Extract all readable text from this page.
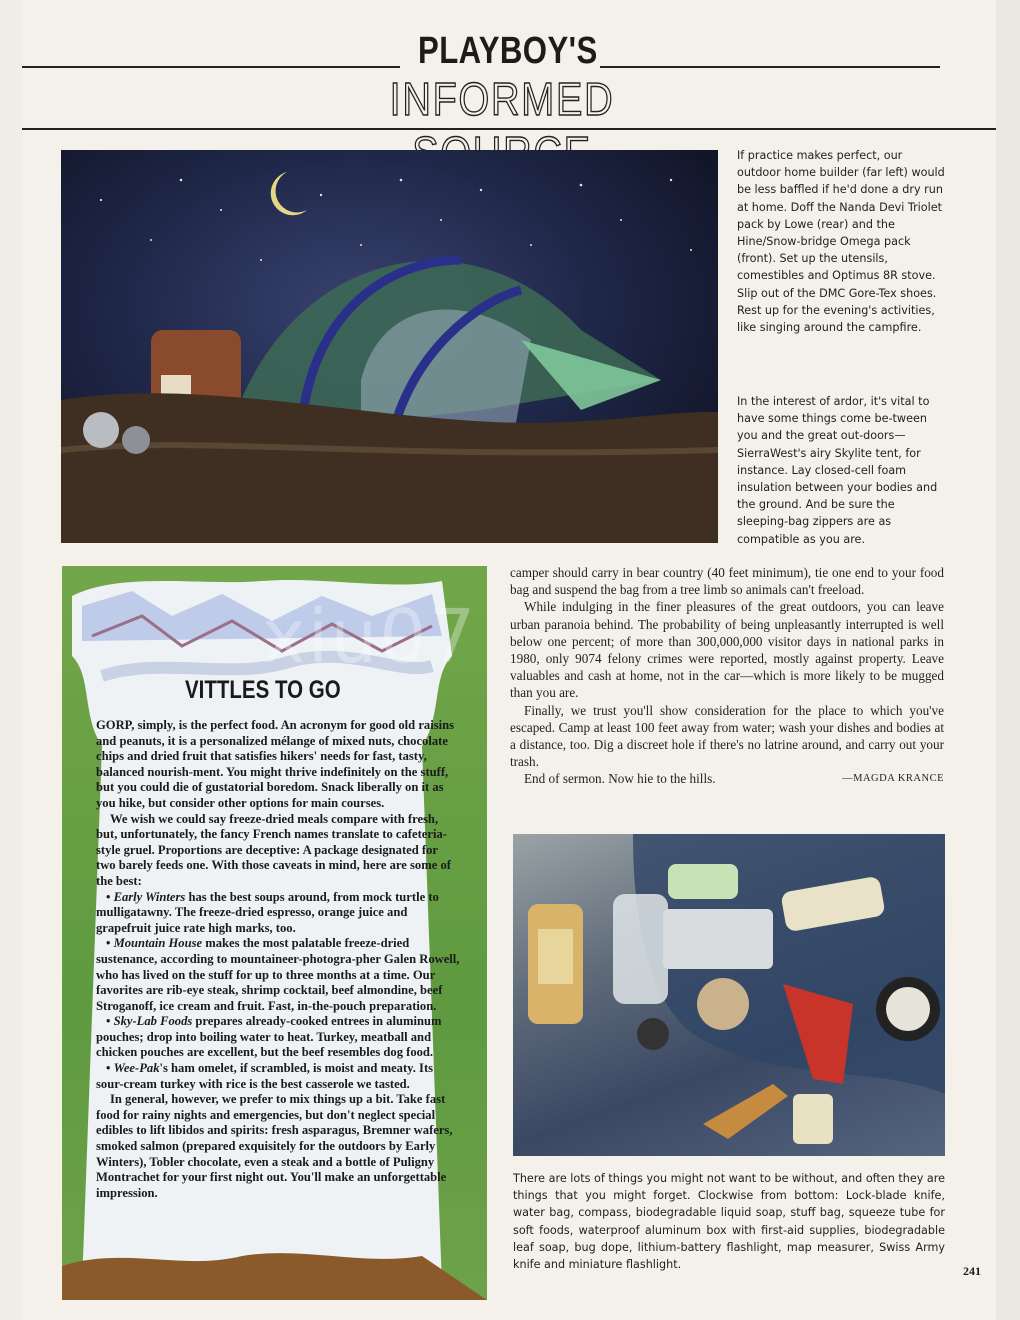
PLAYBOY'S
INFORMED
If practice makes perfect, our outdoor home builder (far left) would be less baffled if he'd done a dry run at home. Doff the Nanda Devi Triolet pack by Lowe (rear) and the Hine/Snow-bridge Omega pack (front). Set up the utensils, comestibles and Optimus 8R stove. Slip out of the DMC Gore-Tex shoes. Rest up for the evening's activities, like singing around the campfire.
In the interest of ardor, it's vital to have some things come be-tween you and the great out-doors—SierraWest's airy Skylite tent, for instance. Lay closed-cell foam insulation between your bodies and the ground. And be sure the sleeping-bag zippers are as compatible as you are.
xiu07
VITTLES TO GO

GORP, simply, is the perfect food. An acronym for good old raisins and peanuts, it is a personalized mélange of mixed nuts, chocolate chips and dried fruit that satisfies hikers' needs for fast, tasty, balanced nourish-ment. You might thrive indefinitely on the stuff, but you could die of gustatorial boredom. Snack liberally on it as you hike, but consider other options for main courses.

We wish we could say freeze-dried meals compare with fresh, but, unfortunately, the fancy French names translate to cafeteria-style gruel. Proportions are deceptive: A package designated for two barely feeds one. With those caveats in mind, here are some of the best:

• Early Winters has the best soups around, from mock turtle to mulligatawny. The freeze-dried espresso, orange juice and grapefruit juice rate high marks, too.

• Mountain House makes the most palatable freeze-dried sustenance, according to mountaineer-photogra-pher Galen Rowell, who has lived on the stuff for up to three months at a time. Our favorites are rib-eye steak, shrimp cocktail, beef almondine, beef Stroganoff, ice cream and fruit. Fast, in-the-pouch preparation.

• Sky-Lab Foods prepares already-cooked entrees in aluminum pouches; drop into boiling water to heat. Turkey, meatball and chicken pouches are excellent, but the beef resembles dog food.

• Wee-Pak's ham omelet, if scrambled, is moist and meaty. Its sour-cream turkey with rice is the best casserole we tasted.

In general, however, we prefer to mix things up a bit. Take fast food for rainy nights and emergencies, but don't neglect special edibles to lift libidos and spirits: fresh asparagus, Bremner wafers, smoked salmon (prepared exquisitely for the outdoors by Early Winters), Tobler chocolate, even a steak and a bottle of Puligny Montrachet for your first night out. You'll make an unforgettable impression.

camper should carry in bear country (40 feet minimum), tie one end to your food bag and suspend the bag from a tree limb so animals can't freeload.

While indulging in the finer pleasures of the great outdoors, you can leave urban paranoia behind. The probability of being unpleasantly interrupted is well below one percent; of more than 300,000,000 visitor days in national parks in 1980, only 9074 felony crimes were reported, mostly against property. Leave valuables and cash at home, not in the car—which is more likely to be mugged than you are.

Finally, we trust you'll show consideration for the place to which you've escaped. Camp at least 100 feet away from water; wash your dishes and bodies at a distance, too. Dig a discreet hole if there's no latrine around, and carry out your trash.

End of sermon. Now hie to the hills.	—MAGDA KRANCE
There are lots of things you might not want to be without, and often they are things that you might forget. Clockwise from bottom: Lock-blade knife, water bag, compass, biodegradable liquid soap, stuff bag, squeeze tube for soft foods, waterproof aluminum box with first-aid supplies, biodegradable leaf soap, bug dope, lithium-battery flashlight, map measurer, Swiss Army knife and miniature flashlight.	241
